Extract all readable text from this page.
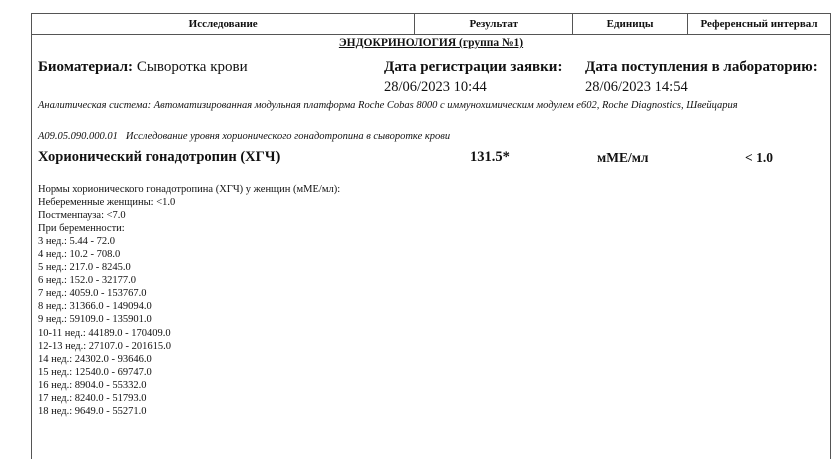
Исследование	Результат	Единицы	Референсный интервал
ЭНДОКРИНОЛОГИЯ (группа №1)
Биоматериал: Сыворотка крови	Дата регистрации заявки:
28/06/2023 10:44
Дата поступления в лабораторию:
28/06/2023 14:54
Аналитическая система: Автоматизированная модульная платформа Roche Cobas 8000 с иммунохимическим модулем e602, Roche Diagnostics, Швейцария
A09.05.090.000.01 Исследование уровня хорионического гонадотропина в сыворотке крови
Хорионический гонадотропин (ХГЧ)	131.5*	мМЕ/мл	< 1.0
Нормы хорионического гонадотропина (ХГЧ) у женщин (мМЕ/мл):
Небеременные женщины: <1.0
Постменпауза: <7.0
При беременности:
3 нед.: 5.44 - 72.0
4 нед.: 10.2 - 708.0
5 нед.: 217.0 - 8245.0
6 нед.: 152.0 - 32177.0
7 нед.: 4059.0 - 153767.0
8 нед.: 31366.0 - 149094.0
9 нед.: 59109.0 - 135901.0
10-11 нед.: 44189.0 - 170409.0
12-13 нед.: 27107.0 - 201615.0
14 нед.: 24302.0 - 93646.0
15 нед.: 12540.0 - 69747.0
16 нед.: 8904.0 - 55332.0
17 нед.: 8240.0 - 51793.0
18 нед.: 9649.0 - 55271.0
